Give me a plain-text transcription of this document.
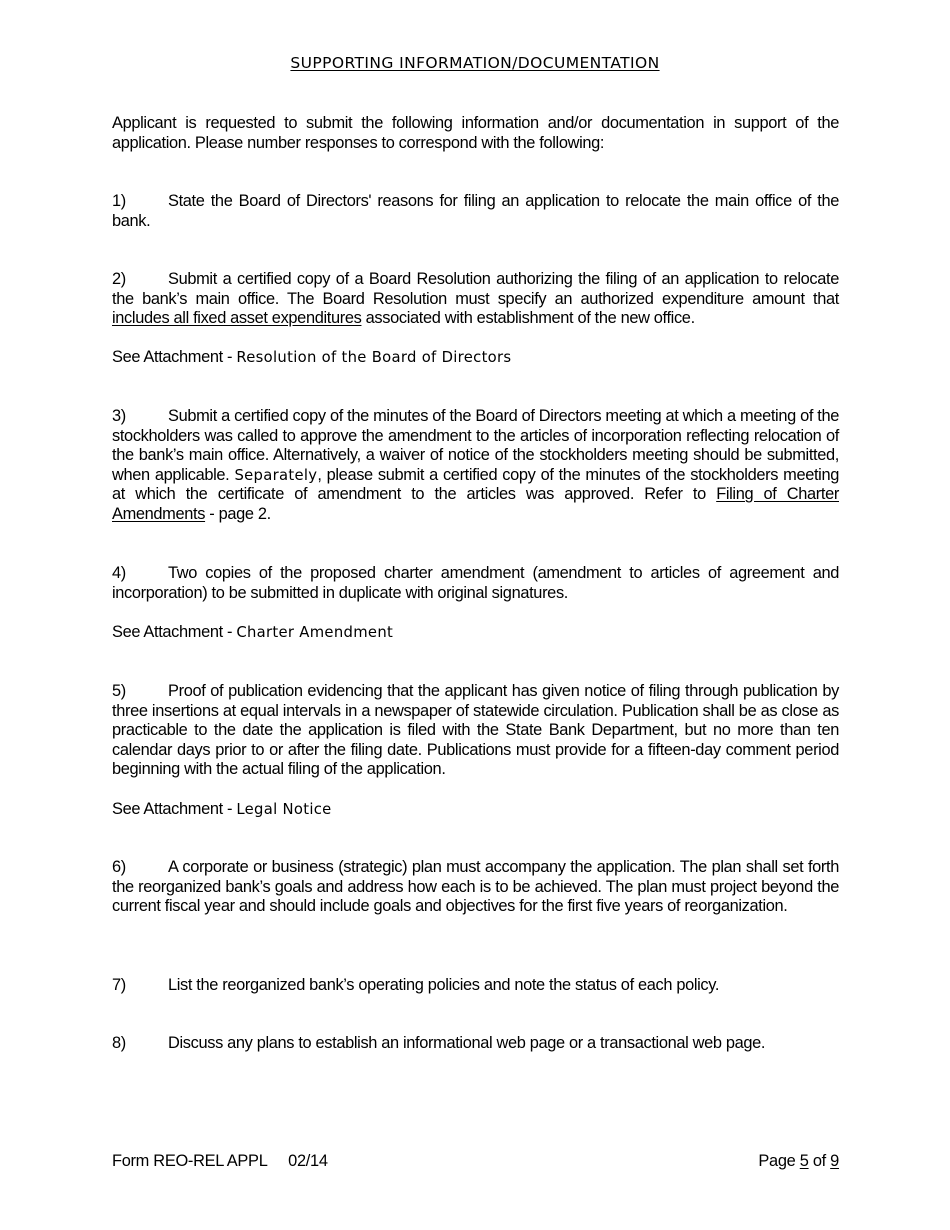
SUPPORTING INFORMATION/DOCUMENTATION

Applicant is requested to submit the following information and/or documentation in support of the application. Please number responses to correspond with the following:

1)	State the Board of Directors' reasons for filing an application to relocate the main office of the bank.

2)	Submit a certified copy of a Board Resolution authorizing the filing of an application to relocate the bank’s main office. The Board Resolution must specify an authorized expenditure amount that includes all fixed asset expenditures associated with establishment of the new office.

See Attachment - Resolution of the Board of Directors

3)	Submit a certified copy of the minutes of the Board of Directors meeting at which a meeting of the stockholders was called to approve the amendment to the articles of incorporation reflecting relocation of the bank’s main office. Alternatively, a waiver of notice of the stockholders meeting should be submitted, when applicable. Separately, please submit a certified copy of the minutes of the stockholders meeting at which the certificate of amendment to the articles was approved. Refer to Filing of Charter Amendments - page 2.

4)	Two copies of the proposed charter amendment (amendment to articles of agreement and incorporation) to be submitted in duplicate with original signatures.

See Attachment - Charter Amendment

5)	Proof of publication evidencing that the applicant has given notice of filing through publication by three insertions at equal intervals in a newspaper of statewide circulation. Publication shall be as close as practicable to the date the application is filed with the State Bank Department, but no more than ten calendar days prior to or after the filing date. Publications must provide for a fifteen-day comment period beginning with the actual filing of the application.

See Attachment - Legal Notice

6)	A corporate or business (strategic) plan must accompany the application. The plan shall set forth the reorganized bank’s goals and address how each is to be achieved. The plan must project beyond the current fiscal year and should include goals and objectives for the first five years of reorganization.

7)	List the reorganized bank’s operating policies and note the status of each policy.

8)	Discuss any plans to establish an informational web page or a transactional web page.

Form REO-REL APPL     02/14	Page 5 of 9
